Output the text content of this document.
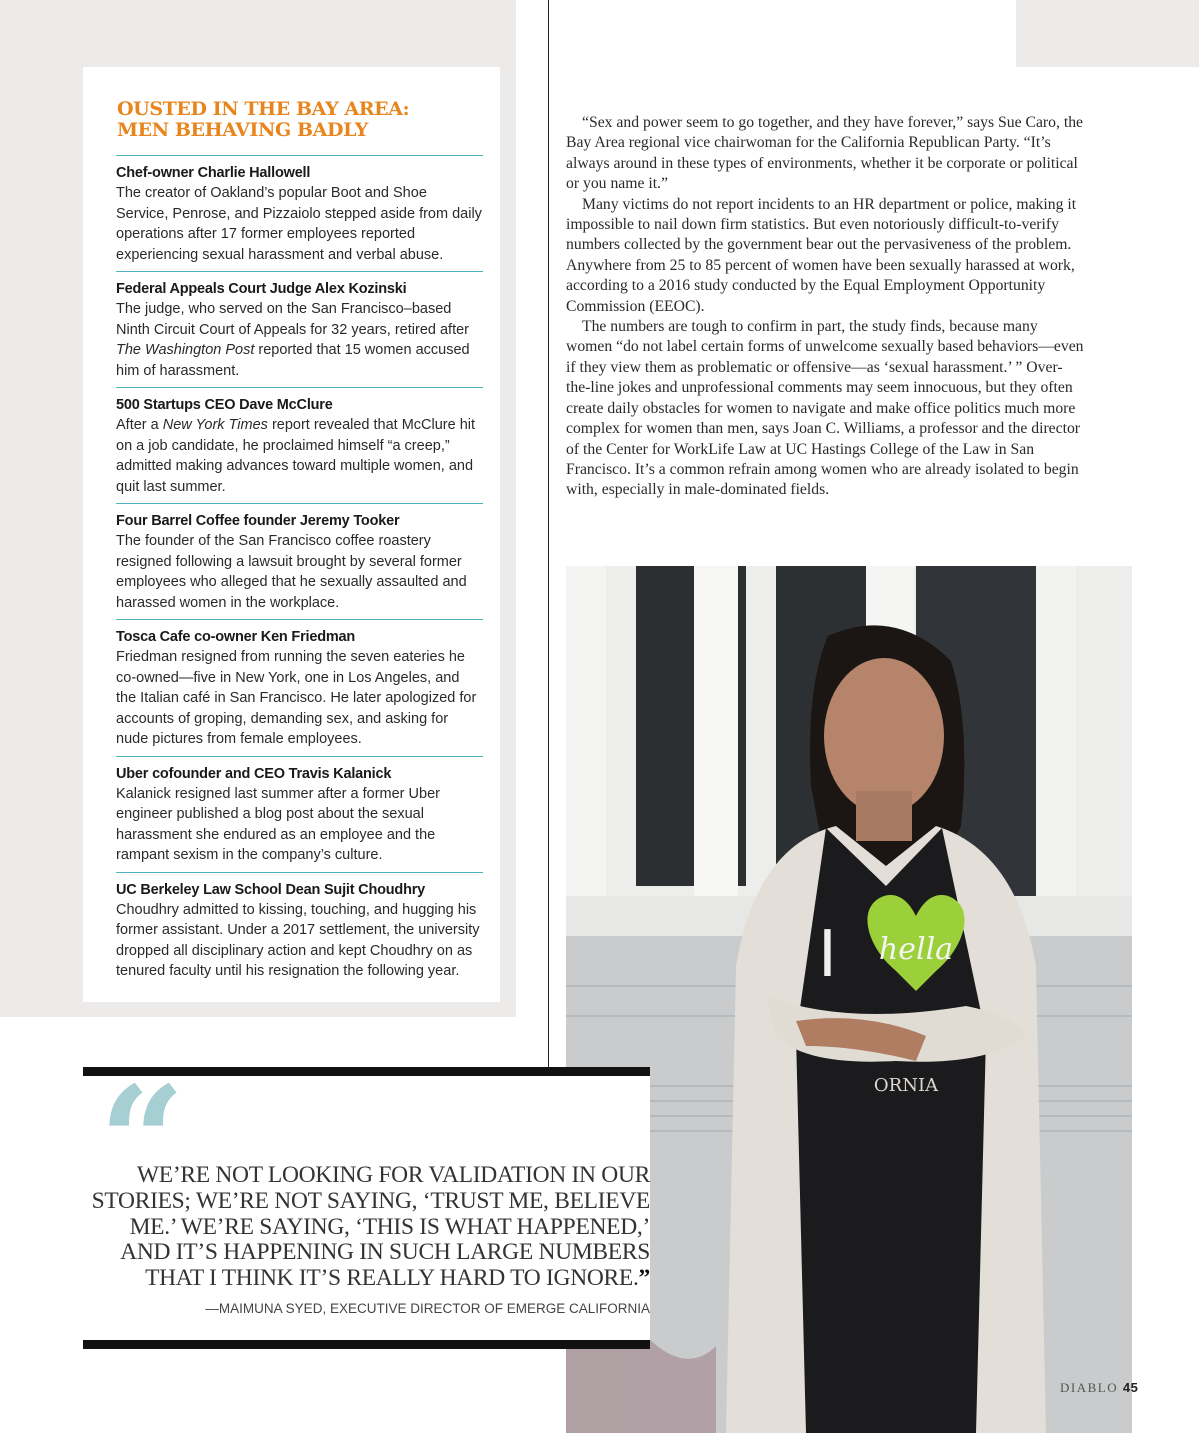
OUSTED IN THE BAY AREA: MEN BEHAVING BADLY
Chef-owner Charlie Hallowell
The creator of Oakland’s popular Boot and Shoe Service, Penrose, and Pizzaiolo stepped aside from daily operations after 17 former employees reported experiencing sexual harassment and verbal abuse.
Federal Appeals Court Judge Alex Kozinski
The judge, who served on the San Francisco–based Ninth Circuit Court of Appeals for 32 years, retired after The Washington Post reported that 15 women accused him of harassment.
500 Startups CEO Dave McClure
After a New York Times report revealed that McClure hit on a job candidate, he proclaimed himself “a creep,” admitted making advances toward multiple women, and quit last summer.
Four Barrel Coffee founder Jeremy Tooker
The founder of the San Francisco coffee roastery resigned following a lawsuit brought by several former employees who alleged that he sexually assaulted and harassed women in the workplace.
Tosca Cafe co-owner Ken Friedman
Friedman resigned from running the seven eateries he co-owned—five in New York, one in Los Angeles, and the Italian café in San Francisco. He later apologized for accounts of groping, demanding sex, and asking for nude pictures from female employees.
Uber cofounder and CEO Travis Kalanick
Kalanick resigned last summer after a former Uber engineer published a blog post about the sexual harassment she endured as an employee and the rampant sexism in the company’s culture.
UC Berkeley Law School Dean Sujit Choudhry
Choudhry admitted to kissing, touching, and hugging his former assistant. Under a 2017 settlement, the university dropped all disciplinary action and kept Choudhry on as tenured faculty until his resignation the following year.

“Sex and power seem to go together, and they have forever,” says Sue Caro, the Bay Area regional vice chairwoman for the California Republican Party. “It’s always around in these types of environments, whether it be corporate or political or you name it.”

Many victims do not report incidents to an HR department or police, making it impossible to nail down firm statistics. But even notoriously difficult-to-verify numbers collected by the government bear out the pervasiveness of the problem. Anywhere from 25 to 85 percent of women have been sexually harassed at work, according to a 2016 study conducted by the Equal Employment Opportunity Commission (EEOC).

The numbers are tough to confirm in part, the study finds, because many women “do not label certain forms of unwelcome sexually based behaviors—even if they view them as problematic or offensive—as ‘sexual harassment.’ ” Over-the-line jokes and unprofessional comments may seem innocuous, but they often create daily obstacles for women to navigate and make office politics much more complex for women than men, says Joan C. Williams, a professor and the director of the Center for WorkLife Law at UC Hastings College of the Law in San Francisco. It’s a common refrain among women who are already isolated to begin with, especially in male-dominated fields.

I hella
ORNIA
“
WE’RE NOT LOOKING FOR VALIDATION IN OUR STORIES; WE’RE NOT SAYING, ‘TRUST ME, BELIEVE ME.’ WE’RE SAYING, ‘THIS IS WHAT HAPPENED,’ AND IT’S HAPPENING IN SUCH LARGE NUMBERS THAT I THINK IT’S REALLY HARD TO IGNORE.”
—MAIMUNA SYED, EXECUTIVE DIRECTOR OF EMERGE CALIFORNIA
DIABLO 45
